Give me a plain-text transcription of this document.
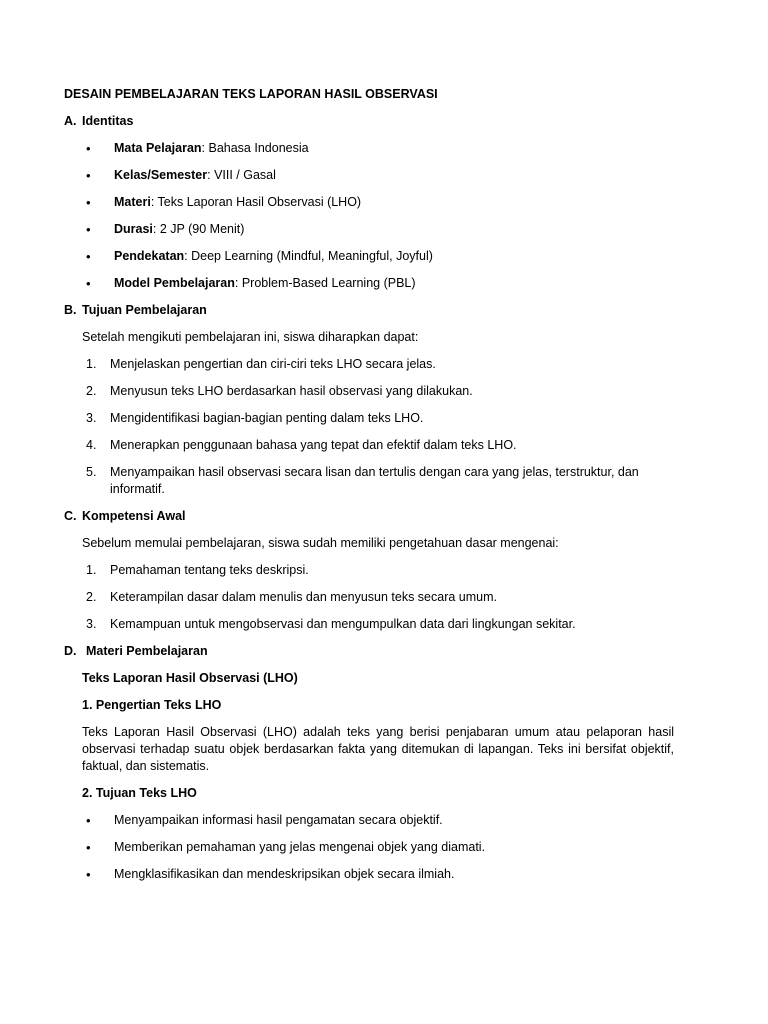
DESAIN PEMBELAJARAN TEKS LAPORAN HASIL OBSERVASI
A. Identitas
•	Mata Pelajaran: Bahasa Indonesia
•	Kelas/Semester: VIII / Gasal
•	Materi: Teks Laporan Hasil Observasi (LHO)
•	Durasi: 2 JP (90 Menit)
•	Pendekatan: Deep Learning (Mindful, Meaningful, Joyful)
•	Model Pembelajaran: Problem-Based Learning (PBL)
B. Tujuan Pembelajaran
Setelah mengikuti pembelajaran ini, siswa diharapkan dapat:
1.	Menjelaskan pengertian dan ciri-ciri teks LHO secara jelas.
2.	Menyusun teks LHO berdasarkan hasil observasi yang dilakukan.
3.	Mengidentifikasi bagian-bagian penting dalam teks LHO.
4.	Menerapkan penggunaan bahasa yang tepat dan efektif dalam teks LHO.
5.	Menyampaikan hasil observasi secara lisan dan tertulis dengan cara yang jelas, terstruktur, dan informatif.
C. Kompetensi Awal
Sebelum memulai pembelajaran, siswa sudah memiliki pengetahuan dasar mengenai:
1.	Pemahaman tentang teks deskripsi.
2.	Keterampilan dasar dalam menulis dan menyusun teks secara umum.
3.	Kemampuan untuk mengobservasi dan mengumpulkan data dari lingkungan sekitar.
D. Materi Pembelajaran
Teks Laporan Hasil Observasi (LHO)
1. Pengertian Teks LHO
Teks Laporan Hasil Observasi (LHO) adalah teks yang berisi penjabaran umum atau pelaporan hasil observasi terhadap suatu objek berdasarkan fakta yang ditemukan di lapangan. Teks ini bersifat objektif, faktual, dan sistematis.
2. Tujuan Teks LHO
•	Menyampaikan informasi hasil pengamatan secara objektif.
•	Memberikan pemahaman yang jelas mengenai objek yang diamati.
•	Mengklasifikasikan dan mendeskripsikan objek secara ilmiah.
